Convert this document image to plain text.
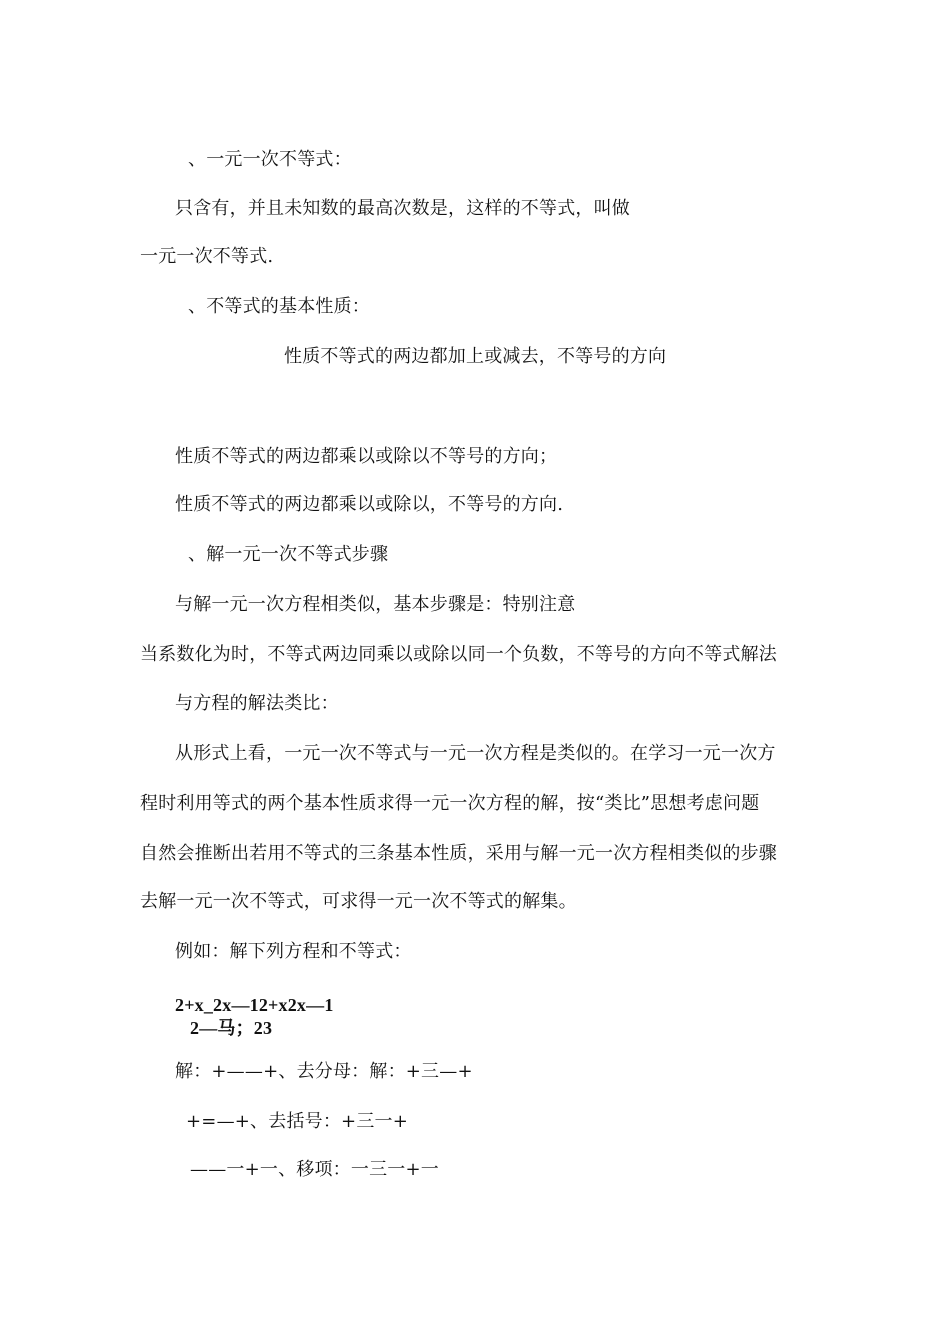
、一元一次不等式：
只含有，并且未知数的最高次数是，这样的不等式，叫做
一元一次不等式.
、不等式的基本性质：
性质不等式的两边都加上或减去，不等号的方向
性质不等式的两边都乘以或除以不等号的方向；
性质不等式的两边都乘以或除以，不等号的方向.
、解一元一次不等式步骤
与解一元一次方程相类似，基本步骤是：特别注意
当系数化为时，不等式两边同乘以或除以同一个负数，不等号的方向不等式解法
与方程的解法类比：
从形式上看，一元一次不等式与一元一次方程是类似的。在学习一元一次方
程时利用等式的两个基本性质求得一元一次方程的解，按“类比”思想考虑问题
自然会推断出若用不等式的三条基本性质，采用与解一元一次方程相类似的步骤
去解一元一次不等式，可求得一元一次不等式的解集。
例如：解下列方程和不等式：
2+x_2x—12+x2x—1
2—马；23
解：+——+、去分母：解：+三—+
+=—+、去括号：+三一+
——一+一、移项：一三一+一
